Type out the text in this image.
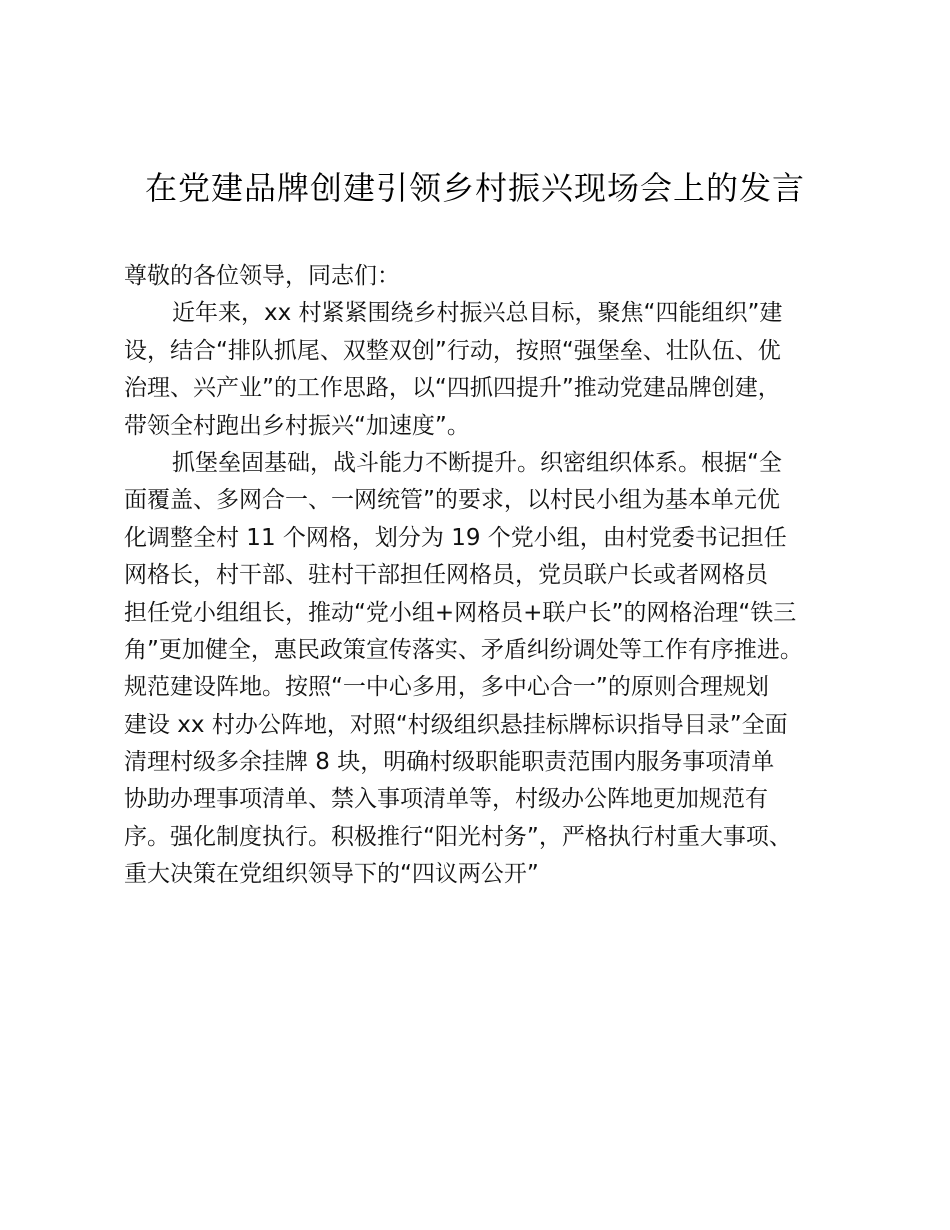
在党建品牌创建引领乡村振兴现场会上的发言
尊敬的各位领导，同志们：
近年来，xx 村紧紧围绕乡村振兴总目标，聚焦“四能组织”建
设，结合“排队抓尾、双整双创”行动，按照“强堡垒、壮队伍、优
治理、兴产业”的工作思路，以“四抓四提升”推动党建品牌创建，
带领全村跑出乡村振兴“加速度”。
抓堡垒固基础，战斗能力不断提升。织密组织体系。根据“全
面覆盖、多网合一、一网统管”的要求，以村民小组为基本单元优
化调整全村 11 个网格，划分为 19 个党小组，由村党委书记担任
网格长，村干部、驻村干部担任网格员，党员联户长或者网格员
担任党小组组长，推动“党小组+网格员+联户长”的网格治理“铁三
角”更加健全，惠民政策宣传落实、矛盾纠纷调处等工作有序推进。
规范建设阵地。按照“一中心多用，多中心合一”的原则合理规划
建设 xx 村办公阵地，对照“村级组织悬挂标牌标识指导目录”全面
清理村级多余挂牌 8 块，明确村级职能职责范围内服务事项清单
协助办理事项清单、禁入事项清单等，村级办公阵地更加规范有
序。强化制度执行。积极推行“阳光村务”，严格执行村重大事项、
重大决策在党组织领导下的“四议两公开”
